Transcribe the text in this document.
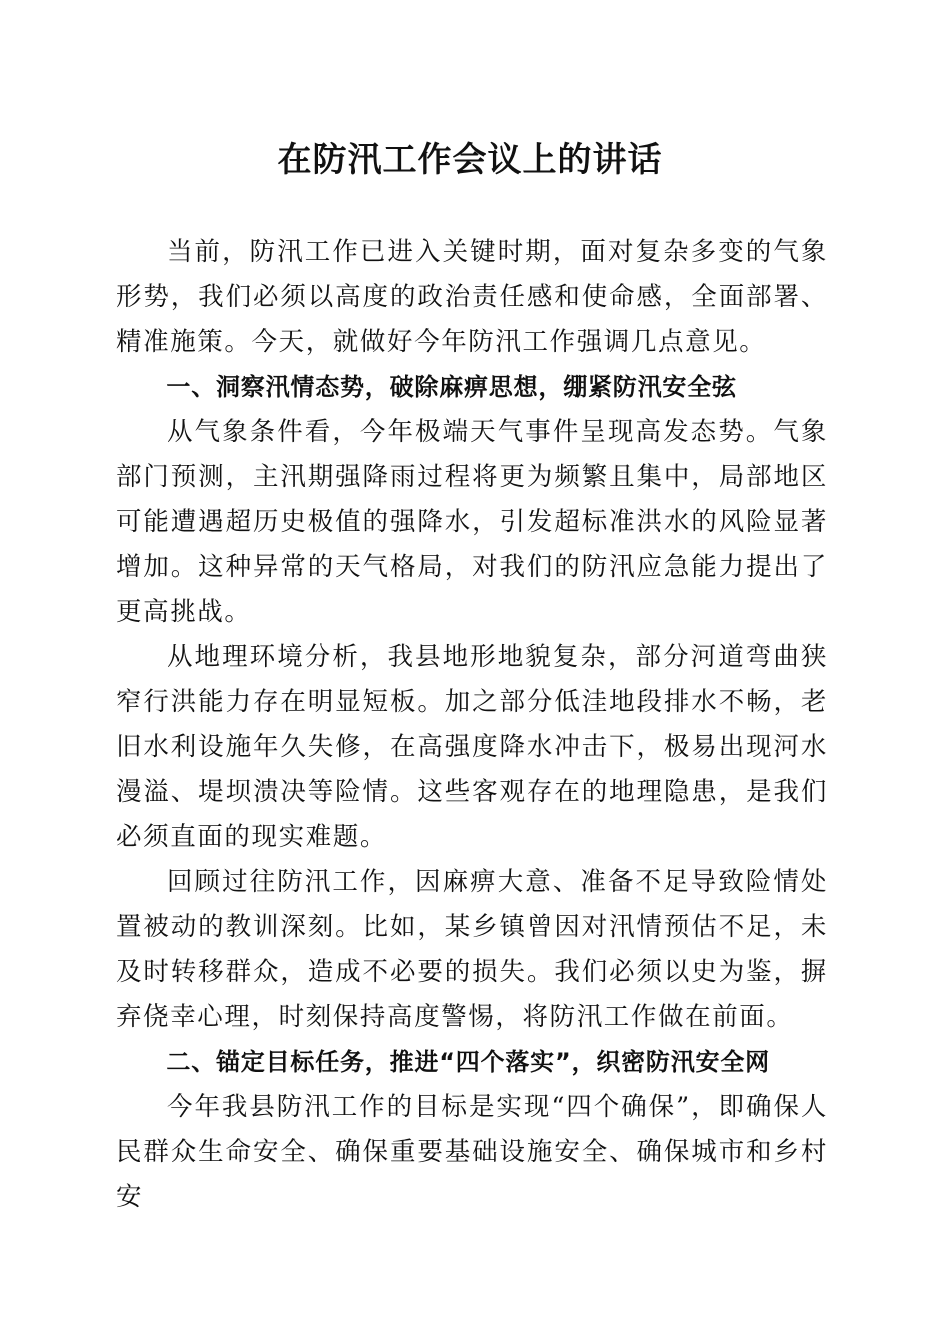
在防汛工作会议上的讲话

当前，防汛工作已进入关键时期，面对复杂多变的气象形势，我们必须以高度的政治责任感和使命感，全面部署、精准施策。今天，就做好今年防汛工作强调几点意见。

一、洞察汛情态势，破除麻痹思想，绷紧防汛安全弦

从气象条件看，今年极端天气事件呈现高发态势。气象部门预测，主汛期强降雨过程将更为频繁且集中，局部地区可能遭遇超历史极值的强降水，引发超标准洪水的风险显著增加。这种异常的天气格局，对我们的防汛应急能力提出了更高挑战。

从地理环境分析，我县地形地貌复杂，部分河道弯曲狭窄行洪能力存在明显短板。加之部分低洼地段排水不畅，老旧水利设施年久失修，在高强度降水冲击下，极易出现河水漫溢、堤坝溃决等险情。这些客观存在的地理隐患，是我们必须直面的现实难题。

回顾过往防汛工作，因麻痹大意、准备不足导致险情处置被动的教训深刻。比如，某乡镇曾因对汛情预估不足，未及时转移群众，造成不必要的损失。我们必须以史为鉴，摒弃侥幸心理，时刻保持高度警惕，将防汛工作做在前面。

二、锚定目标任务，推进“四个落实”，织密防汛安全网

今年我县防汛工作的目标是实现“四个确保”，即确保人民群众生命安全、确保重要基础设施安全、确保城市和乡村安
